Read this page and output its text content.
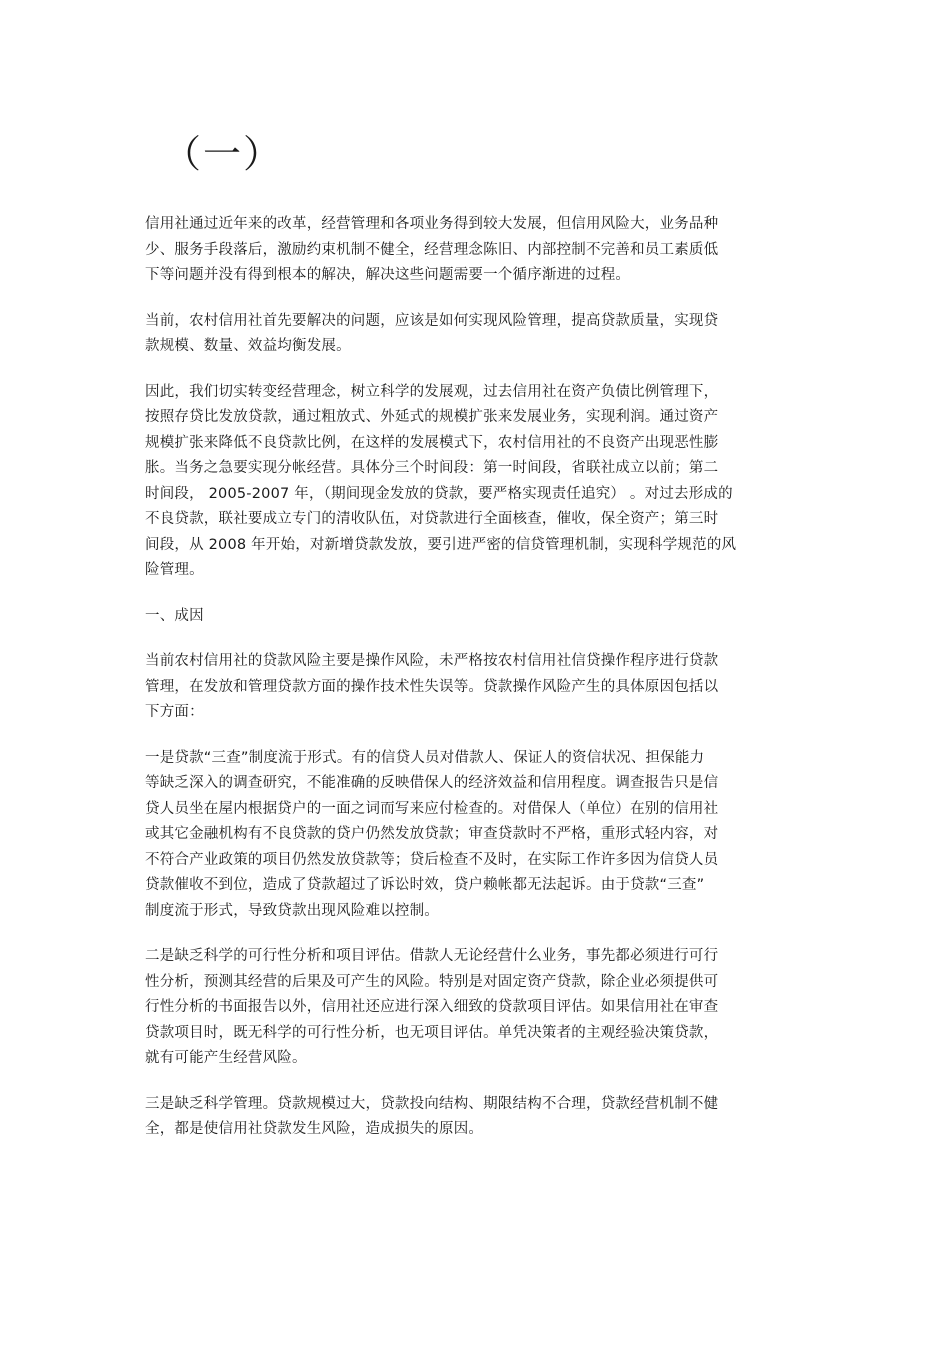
（一）
信用社通过近年来的改革，经营管理和各项业务得到较大发展，但信用风险大，业务品种
少、服务手段落后，激励约束机制不健全，经营理念陈旧、内部控制不完善和员工素质低
下等问题并没有得到根本的解决，解决这些问题需要一个循序渐进的过程。
当前，农村信用社首先要解决的问题，应该是如何实现风险管理，提高贷款质量，实现贷
款规模、数量、效益均衡发展。
因此，我们切实转变经营理念，树立科学的发展观，过去信用社在资产负债比例管理下，
按照存贷比发放贷款，通过粗放式、外延式的规模扩张来发展业务，实现利润。通过资产
规模扩张来降低不良贷款比例，在这样的发展模式下，农村信用社的不良资产出现恶性膨
胀。当务之急要实现分帐经营。具体分三个时间段：第一时间段，省联社成立以前；第二
时间段， 2005-2007 年，（期间现金发放的贷款，要严格实现责任追究） 。对过去形成的
不良贷款，联社要成立专门的清收队伍，对贷款进行全面核查，催收，保全资产；第三时
间段，从 2008 年开始，对新增贷款发放，要引进严密的信贷管理机制，实现科学规范的风
险管理。
一、成因
当前农村信用社的贷款风险主要是操作风险，未严格按农村信用社信贷操作程序进行贷款
管理，在发放和管理贷款方面的操作技术性失误等。贷款操作风险产生的具体原因包括以
下方面：
一是贷款“三查”制度流于形式。有的信贷人员对借款人、保证人的资信状况、担保能力
等缺乏深入的调查研究，不能准确的反映借保人的经济效益和信用程度。调查报告只是信
贷人员坐在屋内根据贷户的一面之词而写来应付检查的。对借保人（单位）在别的信用社
或其它金融机构有不良贷款的贷户仍然发放贷款；审查贷款时不严格，重形式轻内容，对
不符合产业政策的项目仍然发放贷款等；贷后检查不及时，在实际工作许多因为信贷人员
贷款催收不到位，造成了贷款超过了诉讼时效，贷户赖帐都无法起诉。由于贷款“三查”
制度流于形式，导致贷款出现风险难以控制。
二是缺乏科学的可行性分析和项目评估。借款人无论经营什么业务，事先都必须进行可行
性分析，预测其经营的后果及可产生的风险。特别是对固定资产贷款，除企业必须提供可
行性分析的书面报告以外，信用社还应进行深入细致的贷款项目评估。如果信用社在审查
贷款项目时，既无科学的可行性分析，也无项目评估。单凭决策者的主观经验决策贷款，
就有可能产生经营风险。
三是缺乏科学管理。贷款规模过大，贷款投向结构、期限结构不合理，贷款经营机制不健
全，都是使信用社贷款发生风险，造成损失的原因。
